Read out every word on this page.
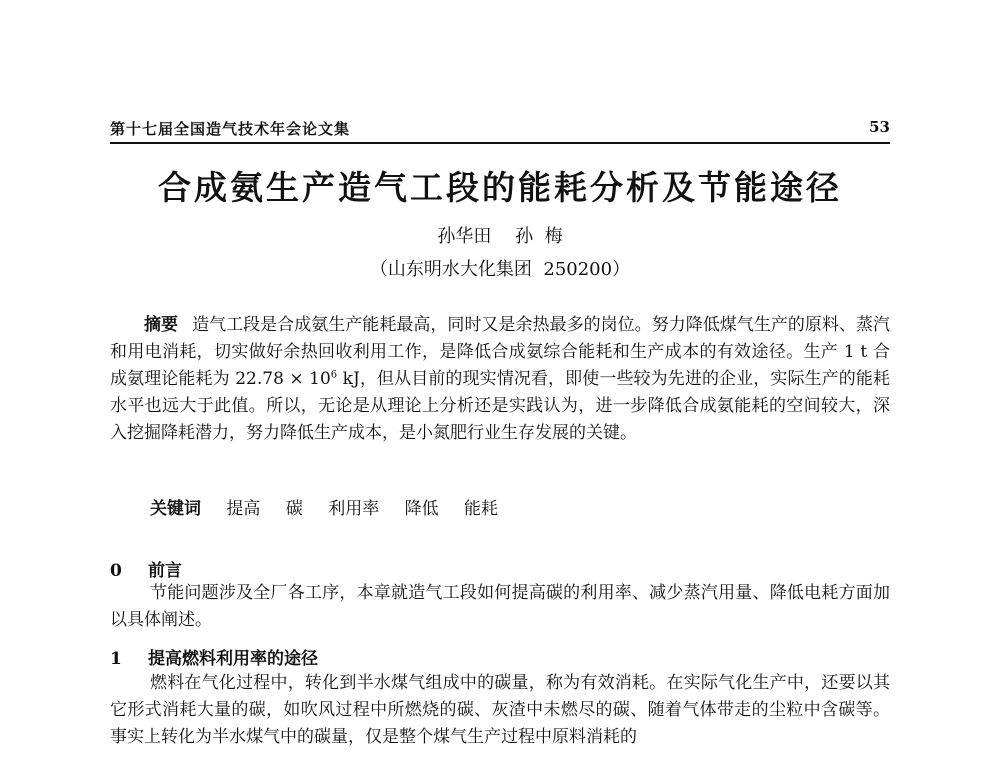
第十七届全国造气技术年会论文集	53
合成氨生产造气工段的能耗分析及节能途径
孙华田 孙  梅
（山东明水大化集团  250200）

摘要 造气工段是合成氨生产能耗最高，同时又是余热最多的岗位。努力降低煤气生产的原料、蒸汽和用电消耗，切实做好余热回收利用工作，是降低合成氨综合能耗和生产成本的有效途径。生产 1 t 合成氨理论能耗为 $22.78 \times 10^6$ kJ，但从目前的现实情况看，即使一些较为先进的企业，实际生产的能耗水平也远大于此值。所以，无论是从理论上分析还是实践认为，进一步降低合成氨能耗的空间较大，深入挖掘降耗潜力，努力降低生产成本，是小氮肥行业生存发展的关键。

关键词 提高 碳 利用率 降低 能耗
0 前言

节能问题涉及全厂各工序，本章就造气工段如何提高碳的利用率、减少蒸汽用量、降低电耗方面加以具体阐述。

1 提高燃料利用率的途径

燃料在气化过程中，转化到半水煤气组成中的碳量，称为有效消耗。在实际气化生产中，还要以其它形式消耗大量的碳，如吹风过程中所燃烧的碳、灰渣中未燃尽的碳、随着气体带走的尘粒中含碳等。事实上转化为半水煤气中的碳量，仅是整个煤气生产过程中原料消耗的
